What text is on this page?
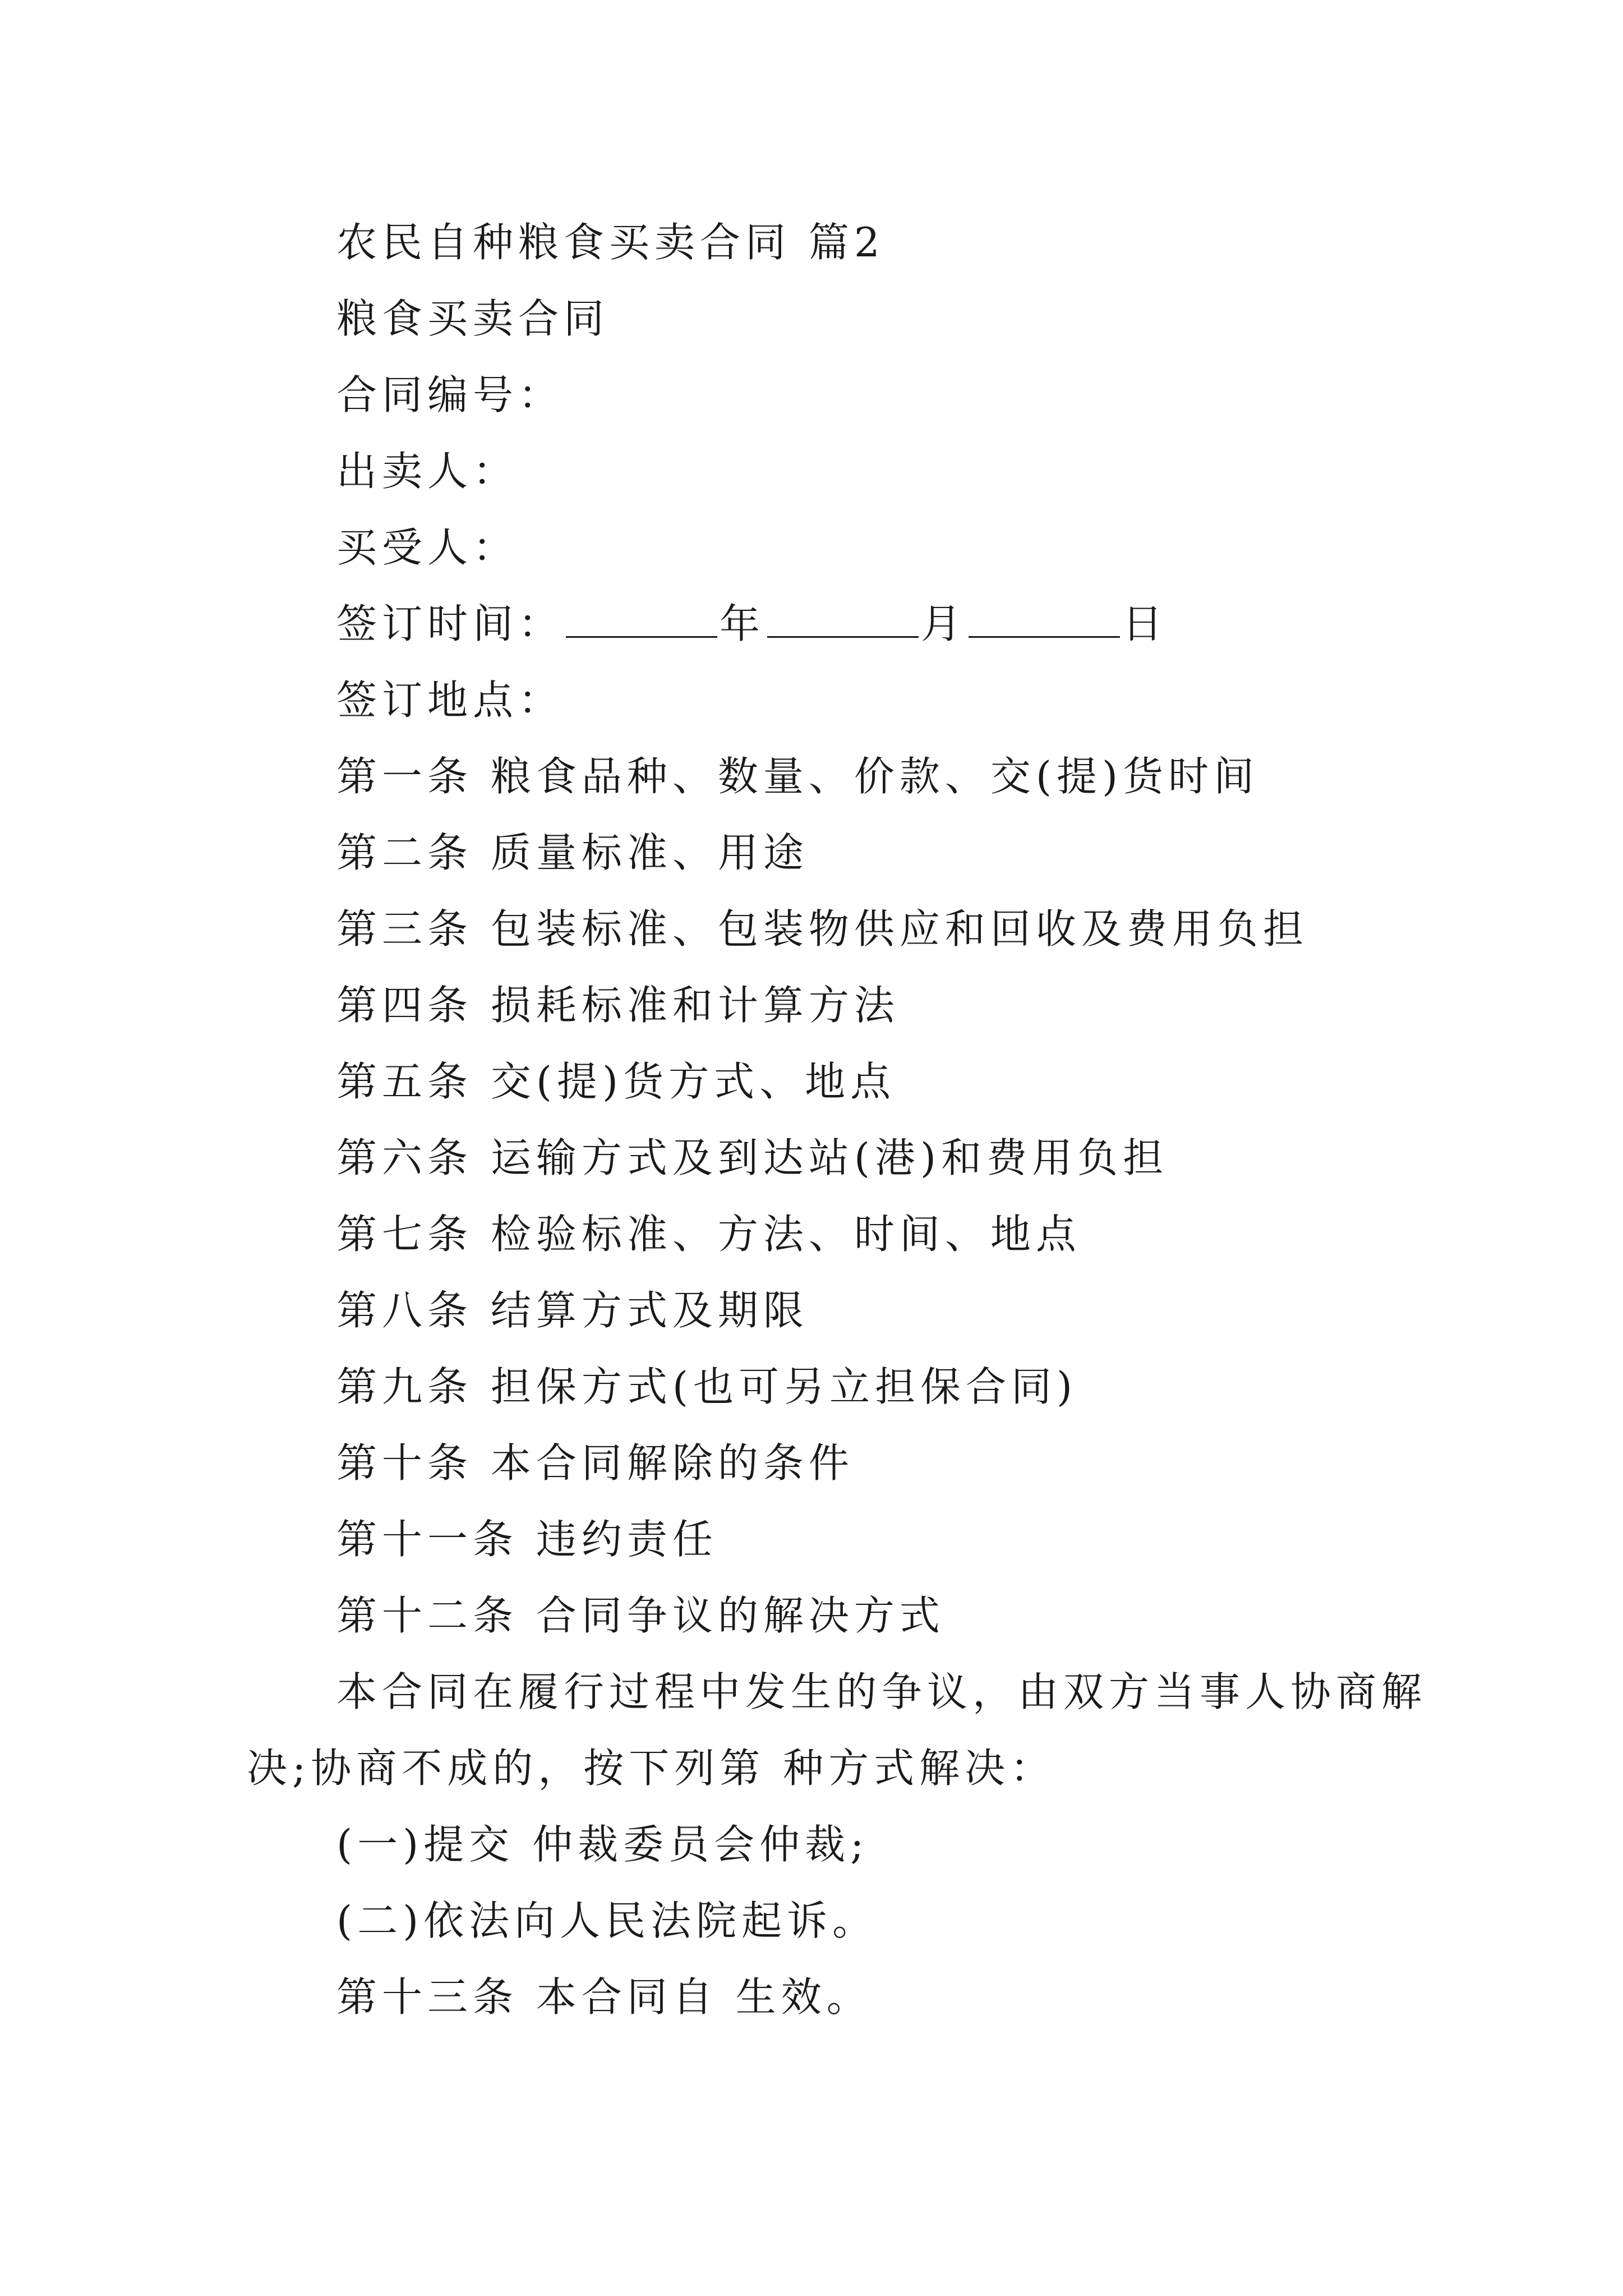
农民自种粮食买卖合同 篇2
粮食买卖合同
合同编号：
出卖人：
买受人：
签订时间：	年	月	日
签订地点：
第一条 粮食品种、数量、价款、交(提)货时间
第二条 质量标准、用途
第三条 包装标准、包装物供应和回收及费用负担
第四条 损耗标准和计算方法
第五条 交(提)货方式、地点
第六条 运输方式及到达站(港)和费用负担
第七条 检验标准、方法、时间、地点
第八条 结算方式及期限
第九条 担保方式(也可另立担保合同)
第十条 本合同解除的条件
第十一条 违约责任
第十二条 合同争议的解决方式
本合同在履行过程中发生的争议，由双方当事人协商解
决;协商不成的，按下列第 种方式解决：
(一)提交 仲裁委员会仲裁;
(二)依法向人民法院起诉。
第十三条 本合同自 生效。
